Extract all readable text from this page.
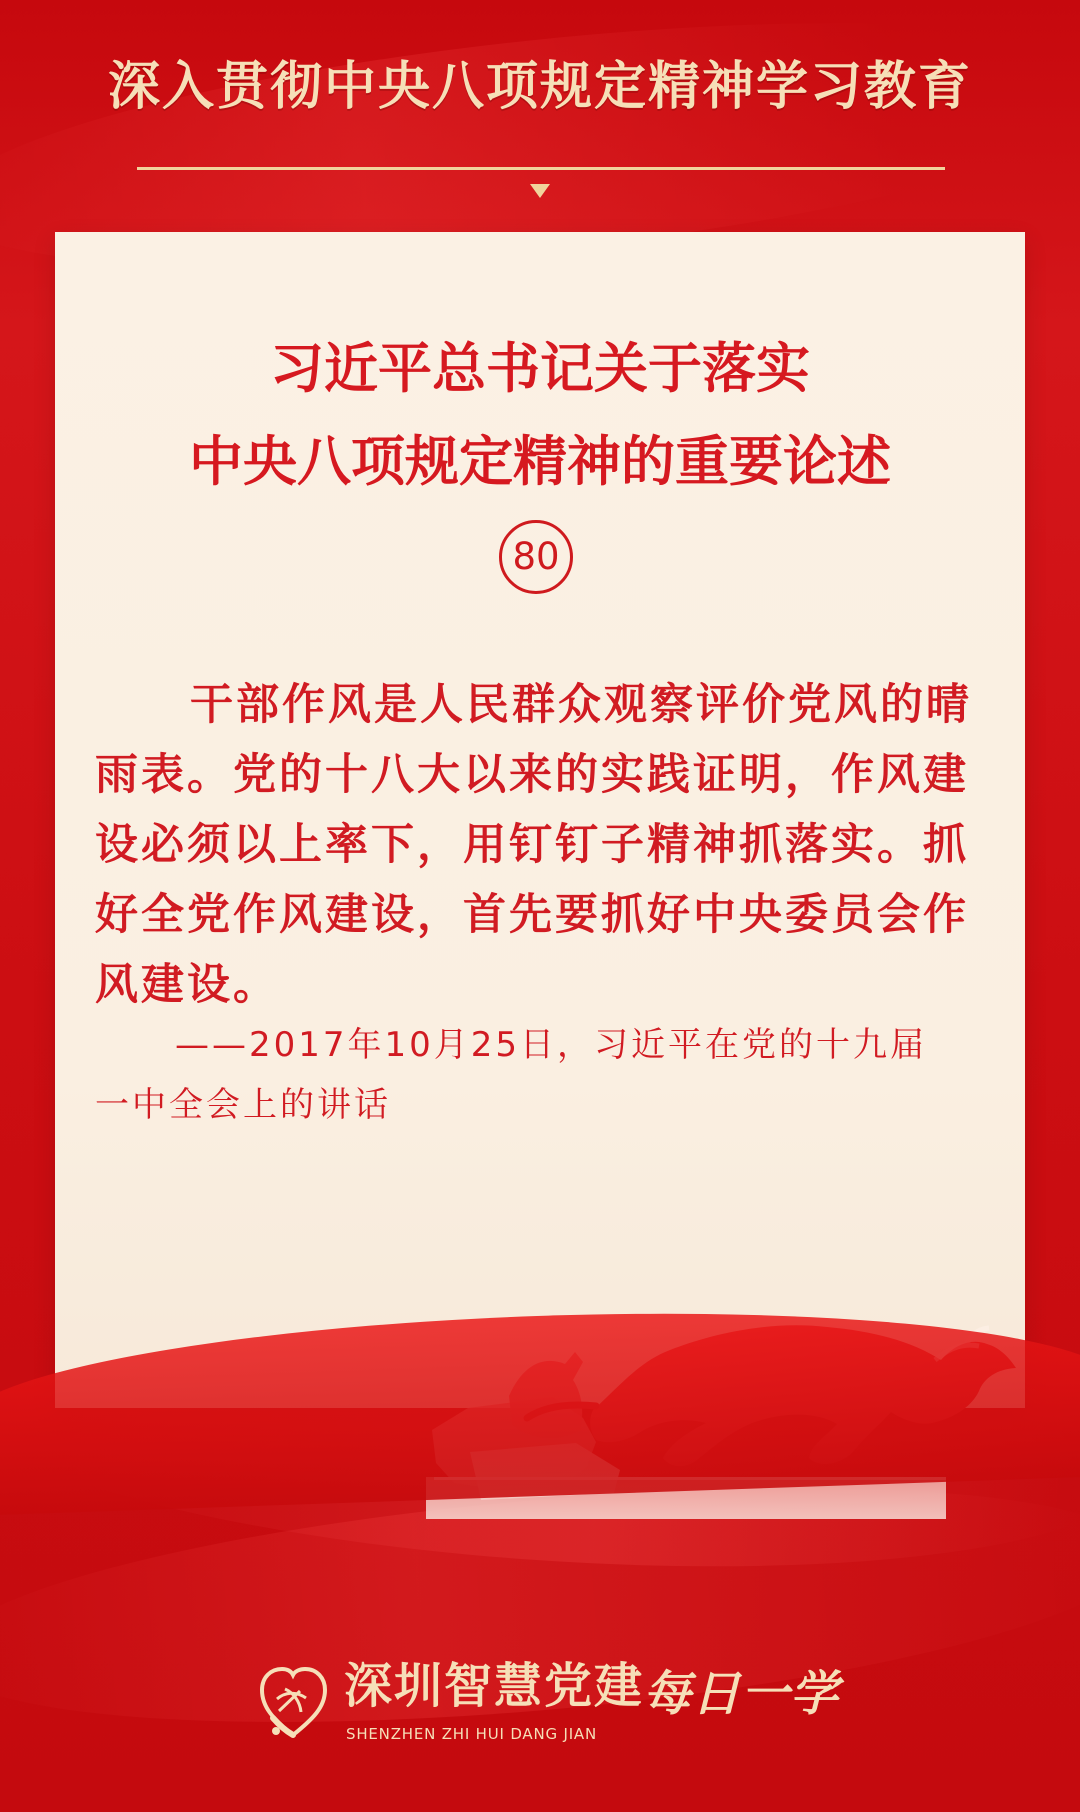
深入贯彻中央八项规定精神学习教育
习近平总书记关于落实
中央八项规定精神的重要论述
80
干部作风是人民群众观察评价党风的晴
雨表。党的十八大以来的实践证明，作风建
设必须以上率下，用钉钉子精神抓落实。抓
好全党作风建设，首先要抓好中央委员会作
风建设。
——2017年10月25日，习近平在党的十九届
一中全会上的讲话
深圳智慧党建
SHENZHEN ZHI HUI DANG JIAN
每日一学
